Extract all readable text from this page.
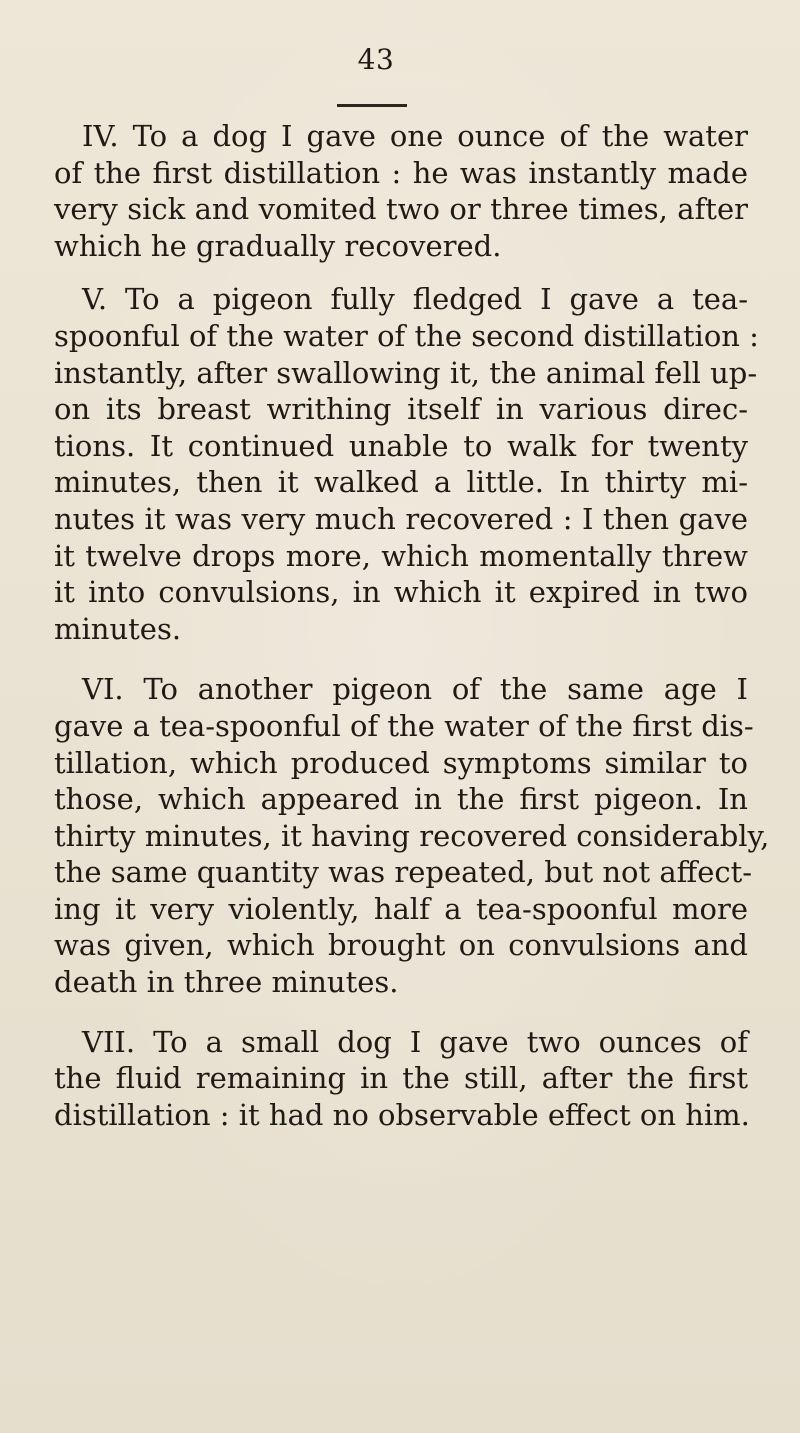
43
IV. To a dog I gave one ounce of the water
of the first distillation : he was instantly made
very sick and vomited two or three times, after
which he gradually recovered.
V. To a pigeon fully fledged I gave a tea-
spoonful of the water of the second distillation :
instantly, after swallowing it, the animal fell up-
on its breast writhing itself in various direc-
tions. It continued unable to walk for twenty
minutes, then it walked a little. In thirty mi-
nutes it was very much recovered : I then gave
it twelve drops more, which momentally threw
it into convulsions, in which it expired in two
minutes.
VI. To another pigeon of the same age I
gave a tea-spoonful of the water of the first dis-
tillation, which produced symptoms similar to
those, which appeared in the first pigeon. In
thirty minutes, it having recovered considerably,
the same quantity was repeated, but not affect-
ing it very violently, half a tea-spoonful more
was given, which brought on convulsions and
death in three minutes.
VII. To a small dog I gave two ounces of
the fluid remaining in the still, after the first
distillation : it had no observable effect on him.
